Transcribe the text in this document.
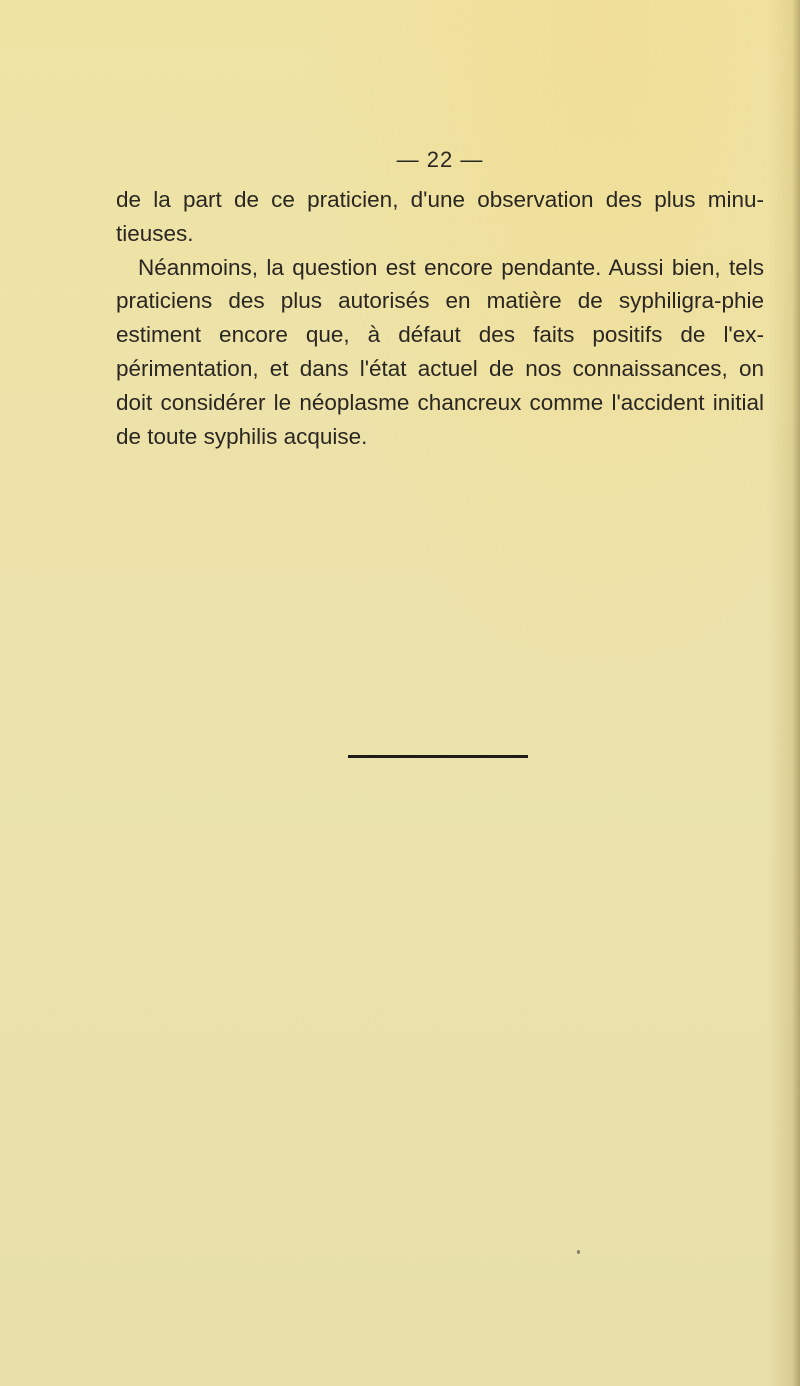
— 22 —

de la part de ce praticien, d'une observation des plus minu-tieuses.

Néanmoins, la question est encore pendante. Aussi bien, tels praticiens des plus autorisés en matière de syphiligra-phie estiment encore que, à défaut des faits positifs de l'ex-périmentation, et dans l'état actuel de nos connaissances, on doit considérer le néoplasme chancreux comme l'accident initial de toute syphilis acquise.
